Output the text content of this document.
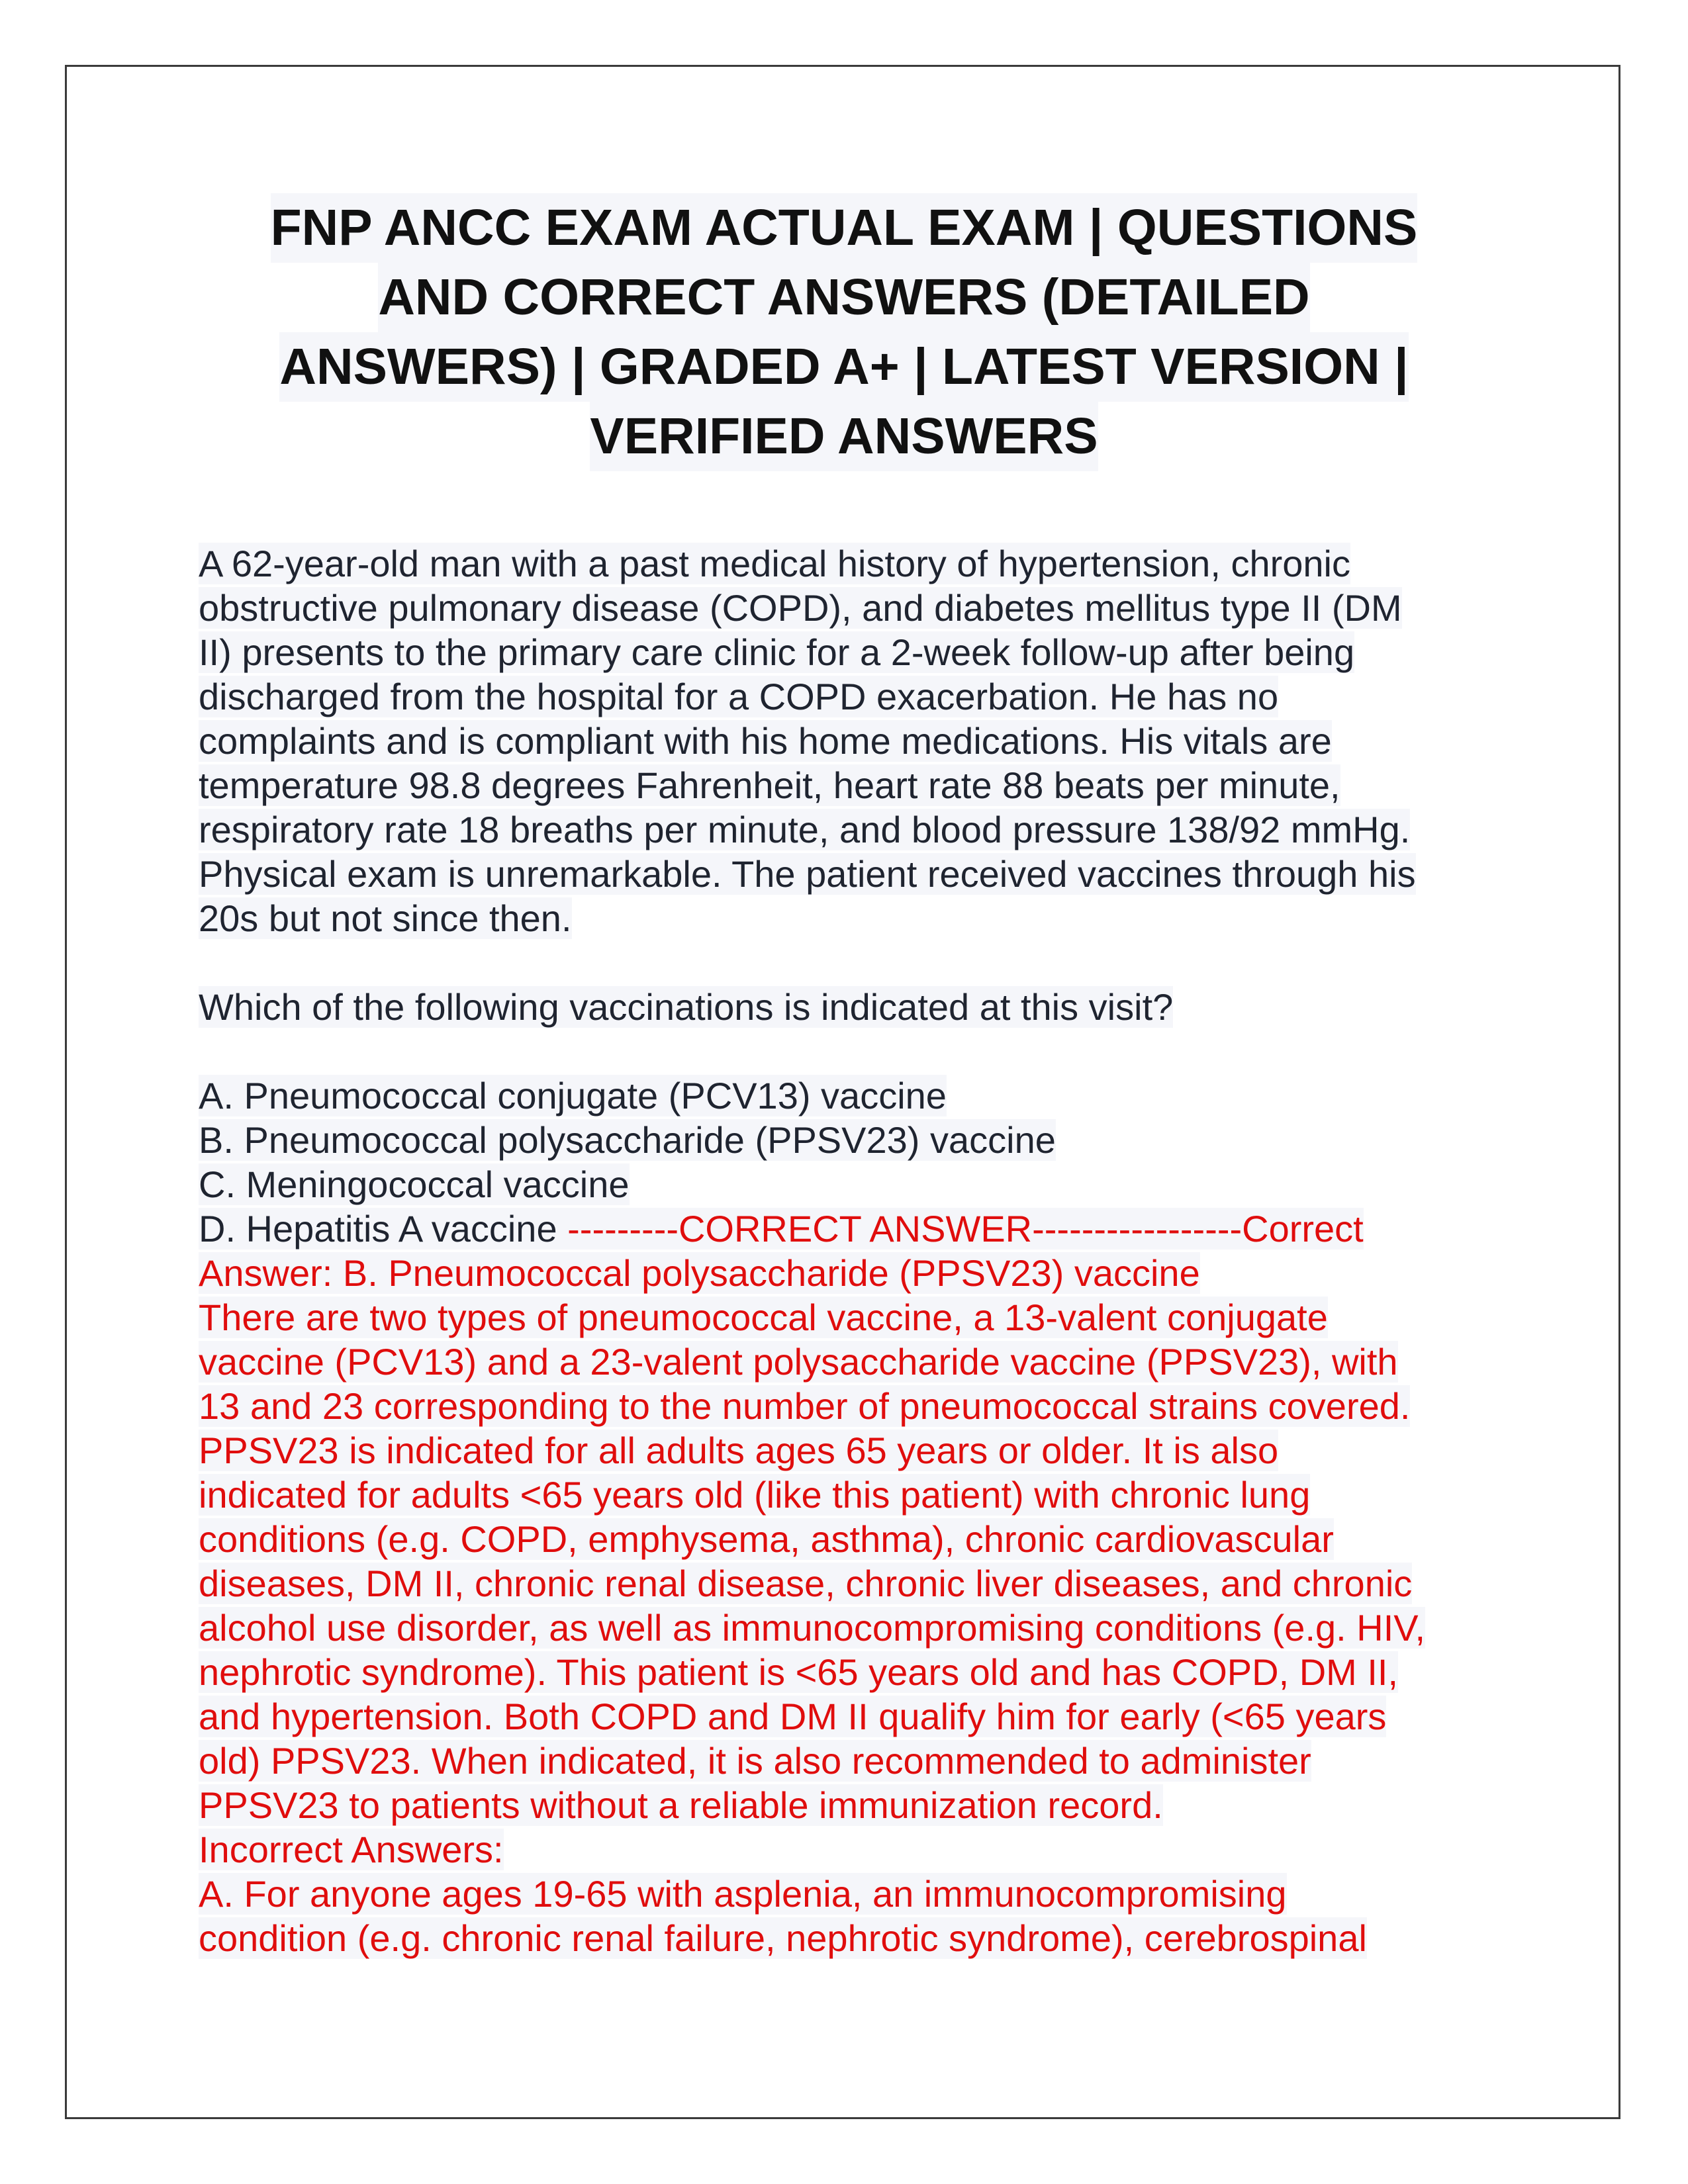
FNP ANCC EXAM ACTUAL EXAM | QUESTIONS
AND CORRECT ANSWERS (DETAILED
ANSWERS) | GRADED A+ | LATEST VERSION |
VERIFIED ANSWERS
A 62-year-old man with a past medical history of hypertension, chronic
obstructive pulmonary disease (COPD), and diabetes mellitus type II (DM
II) presents to the primary care clinic for a 2-week follow-up after being
discharged from the hospital for a COPD exacerbation. He has no
complaints and is compliant with his home medications. His vitals are
temperature 98.8 degrees Fahrenheit, heart rate 88 beats per minute,
respiratory rate 18 breaths per minute, and blood pressure 138/92 mmHg.
Physical exam is unremarkable. The patient received vaccines through his
20s but not since then.
Which of the following vaccinations is indicated at this visit?
A. Pneumococcal conjugate (PCV13) vaccine
B. Pneumococcal polysaccharide (PPSV23) vaccine
C. Meningococcal vaccine
D. Hepatitis A vaccine ---------CORRECT ANSWER-----------------Correct
Answer: B. Pneumococcal polysaccharide (PPSV23) vaccine
There are two types of pneumococcal vaccine, a 13-valent conjugate
vaccine (PCV13) and a 23-valent polysaccharide vaccine (PPSV23), with
13 and 23 corresponding to the number of pneumococcal strains covered.
PPSV23 is indicated for all adults ages 65 years or older. It is also
indicated for adults <65 years old (like this patient) with chronic lung
conditions (e.g. COPD, emphysema, asthma), chronic cardiovascular
diseases, DM II, chronic renal disease, chronic liver diseases, and chronic
alcohol use disorder, as well as immunocompromising conditions (e.g. HIV,
nephrotic syndrome). This patient is <65 years old and has COPD, DM II,
and hypertension. Both COPD and DM II qualify him for early (<65 years
old) PPSV23. When indicated, it is also recommended to administer
PPSV23 to patients without a reliable immunization record.
Incorrect Answers:
A. For anyone ages 19-65 with asplenia, an immunocompromising
condition (e.g. chronic renal failure, nephrotic syndrome), cerebrospinal
